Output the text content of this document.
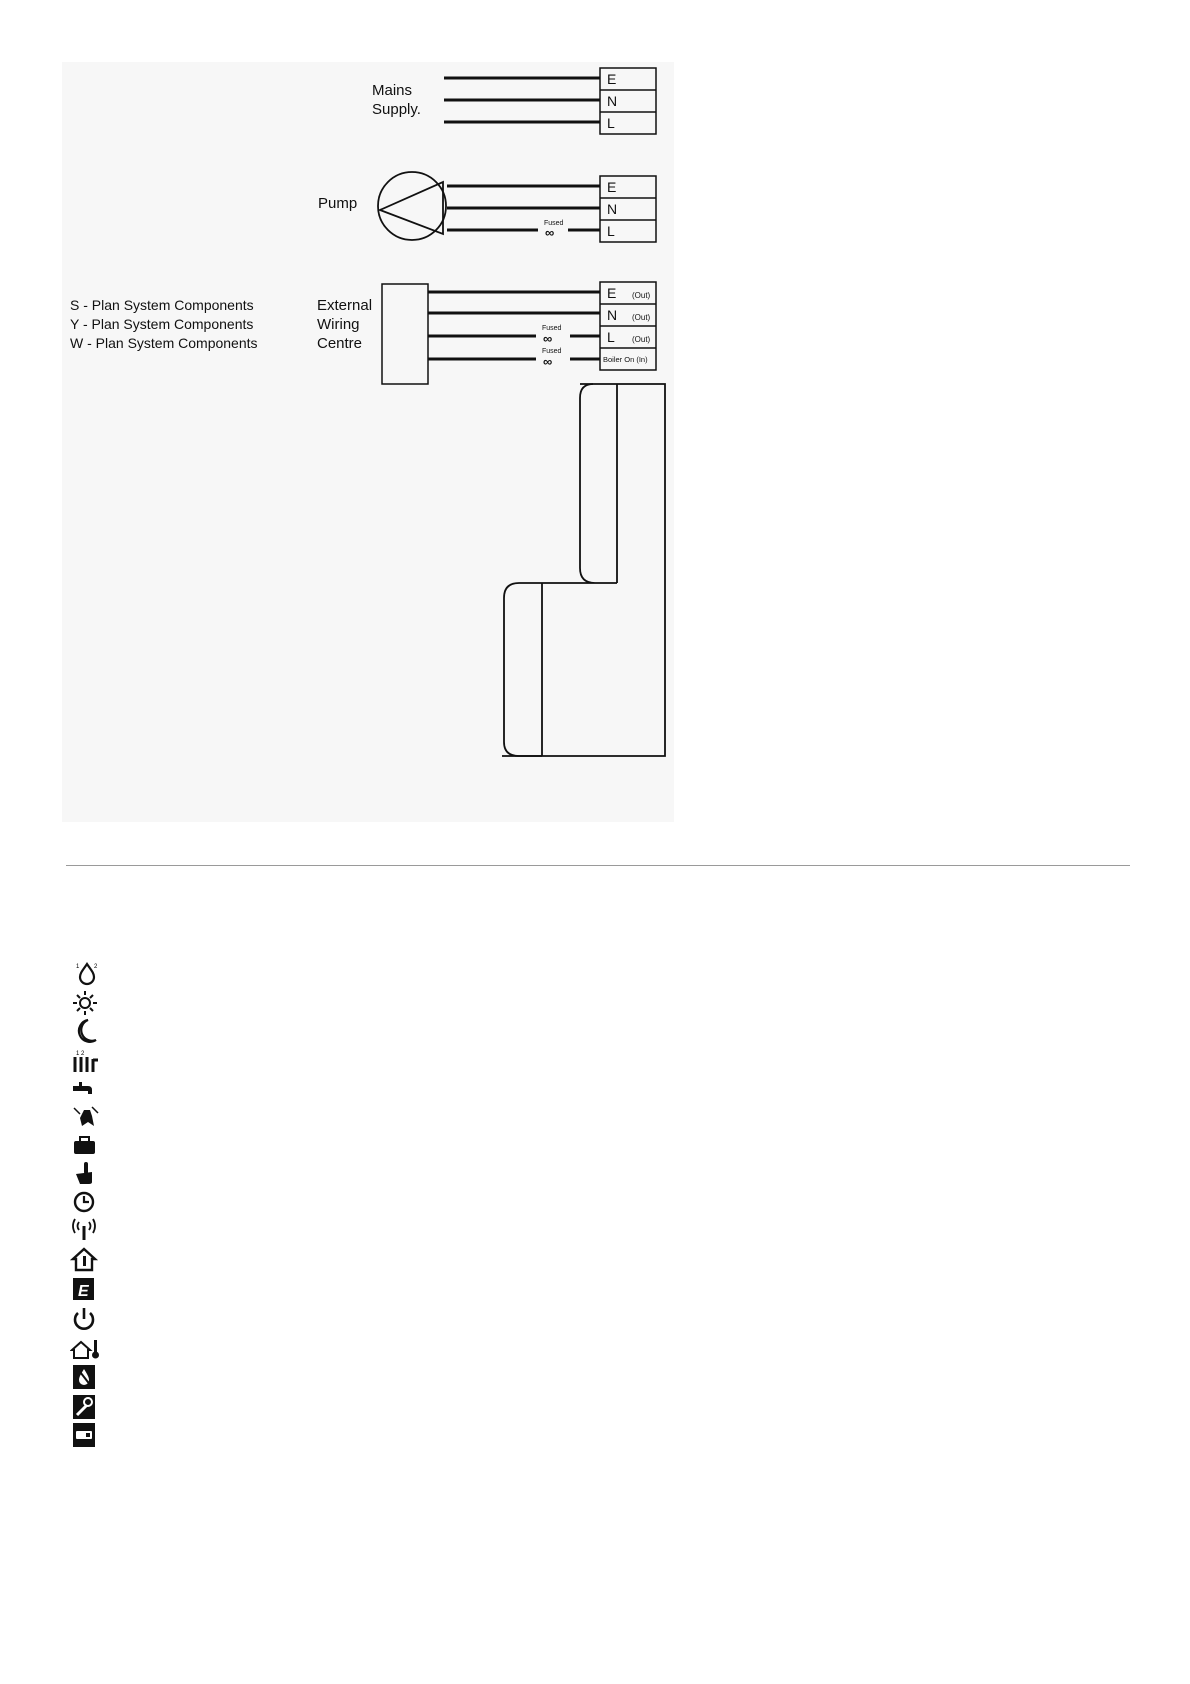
Mains
Supply.
E
N
L
Pump
Fused
∞
E
N
L
S - Plan System Components
Y - Plan System Components
W - Plan System Components
External
Wiring
Centre
Fused
∞
Fused
∞
E (Out)
N (Out)
L (Out)
Boiler On (In)

1 2
1 2
E
